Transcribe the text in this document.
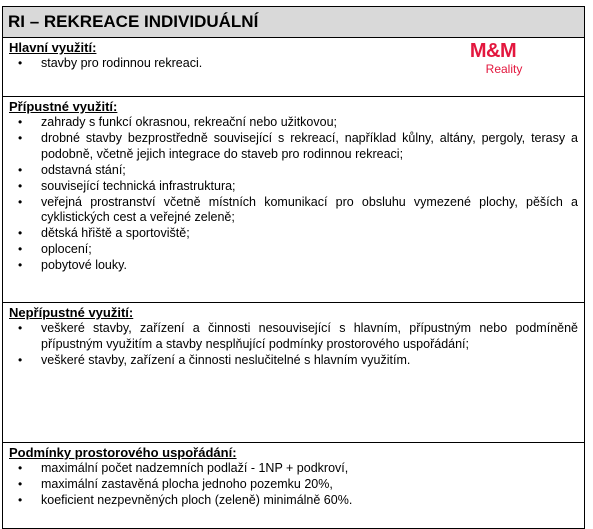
RI – REKREACE INDIVIDUÁLNÍ
Hlavní využití:
• stavby pro rodinnou rekreaci.
M&M
Reality
Přípustné využití:
• zahrady s funkcí okrasnou, rekreační nebo užitkovou;
• drobné stavby bezprostředně související s rekreací, například kůlny, altány, pergoly, terasy a podobně, včetně jejich integrace do staveb pro rodinnou rekreaci;
• odstavná stání;
• související technická infrastruktura;
• veřejná prostranství včetně místních komunikací pro obsluhu vymezené plochy, pěších a cyklistických cest a veřejné zeleně;
• dětská hřiště a sportoviště;
• oplocení;
• pobytové louky.
Nepřípustné využití:
• veškeré stavby, zařízení a činnosti nesouvisející s hlavním, přípustným nebo podmíněně přípustným využitím a stavby nesplňující podmínky prostorového uspořádání;
• veškeré stavby, zařízení a činnosti neslučitelné s hlavním využitím.
Podmínky prostorového uspořádání:
• maximální počet nadzemních podlaží - 1NP + podkroví,
• maximální zastavěná plocha jednoho pozemku 20%,
• koeficient nezpevněných ploch (zeleně) minimálně 60%.
